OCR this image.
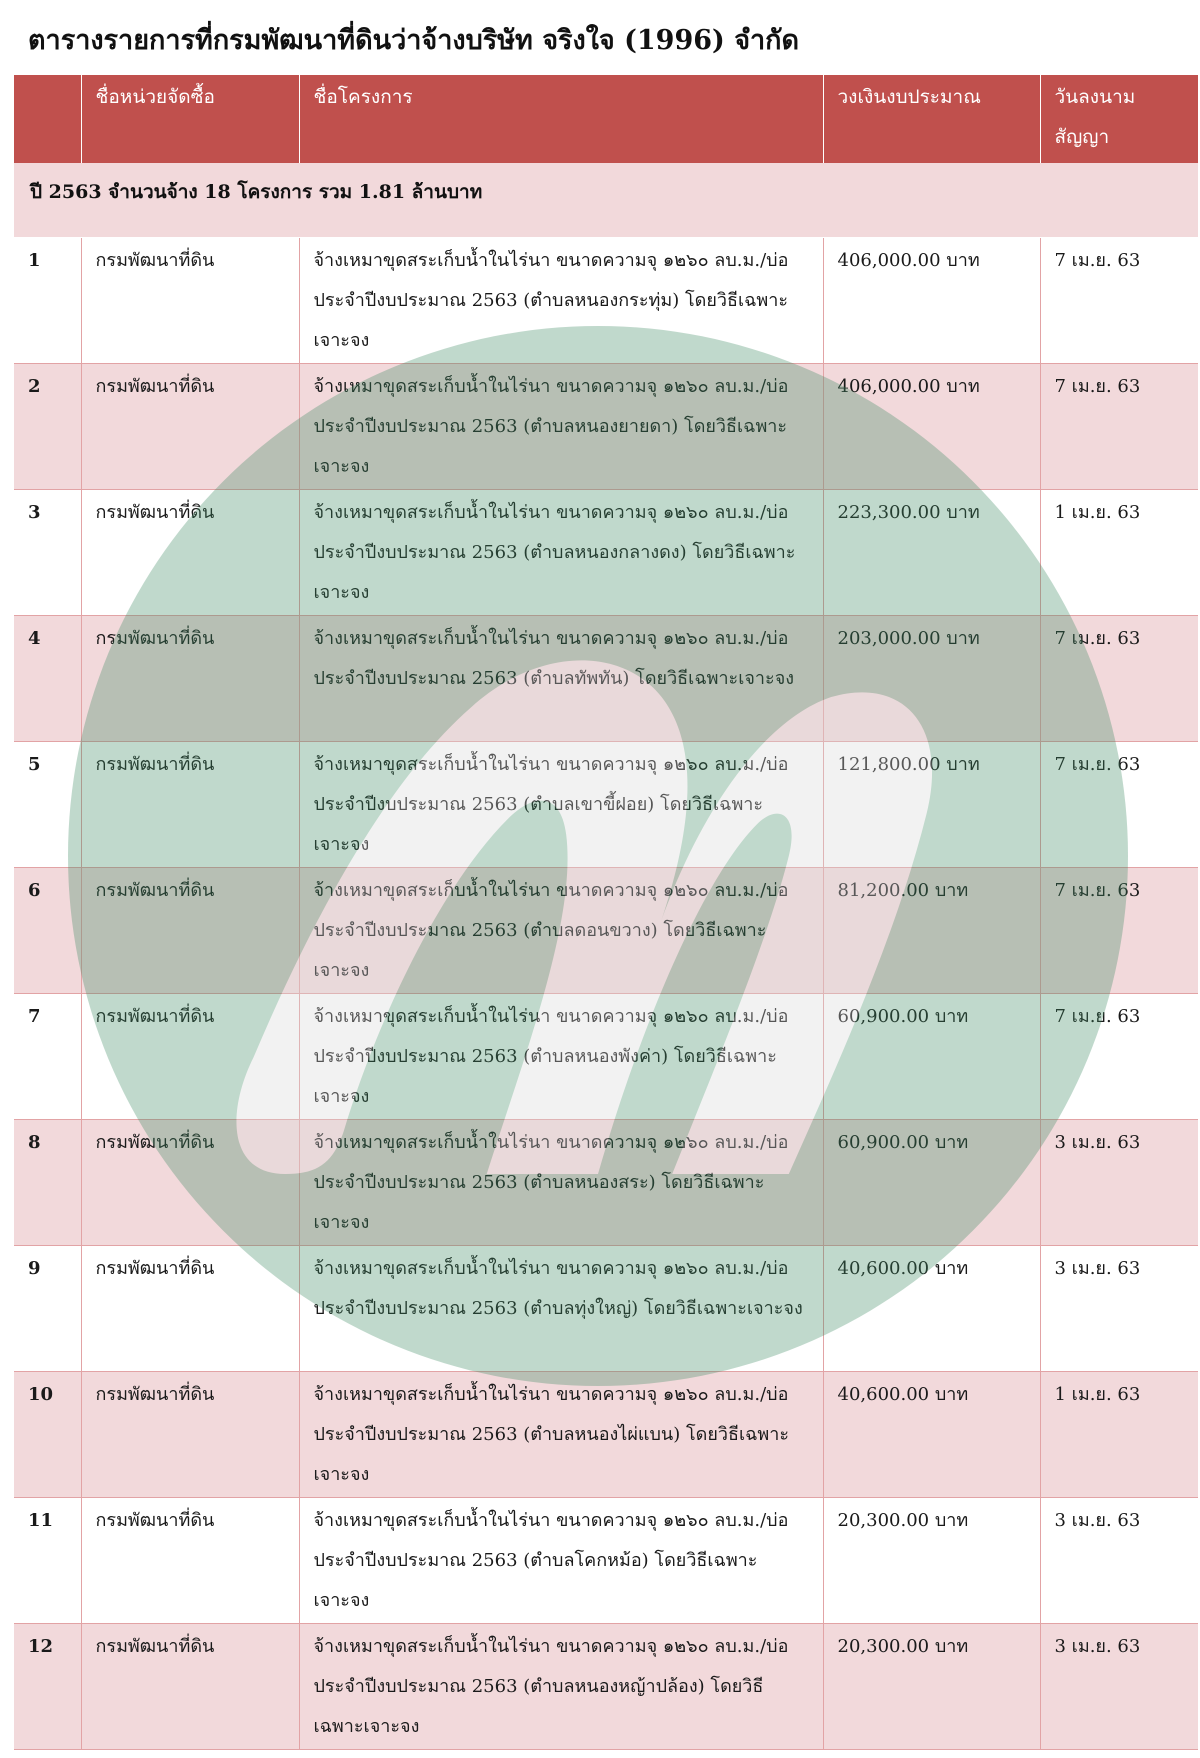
ตารางรายการที่กรมพัฒนาที่ดินว่าจ้างบริษัท จริงใจ (1996) จำกัด
	ชื่อหน่วยจัดซื้อ	ชื่อโครงการ	วงเงินงบประมาณ	วันลงนาม
สัญญา
ปี 2563 จำนวนจ้าง 18 โครงการ รวม 1.81 ล้านบาท				
1	กรมพัฒนาที่ดิน	จ้างเหมาขุดสระเก็บน้ำในไร่นา ขนาดความจุ ๑๒๖๐ ลบ.ม./บ่อ ประจำปีงบประมาณ 2563 (ตำบลหนองกระทุ่ม) โดยวิธีเฉพาะเจาะจง	406,000.00 บาท	7 เม.ย. 63
2	กรมพัฒนาที่ดิน	จ้างเหมาขุดสระเก็บน้ำในไร่นา ขนาดความจุ ๑๒๖๐ ลบ.ม./บ่อ ประจำปีงบประมาณ 2563 (ตำบลหนองยายดา) โดยวิธีเฉพาะเจาะจง	406,000.00 บาท	7 เม.ย. 63
3	กรมพัฒนาที่ดิน	จ้างเหมาขุดสระเก็บน้ำในไร่นา ขนาดความจุ ๑๒๖๐ ลบ.ม./บ่อ ประจำปีงบประมาณ 2563 (ตำบลหนองกลางดง) โดยวิธีเฉพาะเจาะจง	223,300.00 บาท	1 เม.ย. 63
4	กรมพัฒนาที่ดิน	จ้างเหมาขุดสระเก็บน้ำในไร่นา ขนาดความจุ ๑๒๖๐ ลบ.ม./บ่อ ประจำปีงบประมาณ 2563 (ตำบลทัพทัน) โดยวิธีเฉพาะเจาะจง	203,000.00 บาท	7 เม.ย. 63
5	กรมพัฒนาที่ดิน	จ้างเหมาขุดสระเก็บน้ำในไร่นา ขนาดความจุ ๑๒๖๐ ลบ.ม./บ่อ ประจำปีงบประมาณ 2563 (ตำบลเขาขี้ฝอย) โดยวิธีเฉพาะเจาะจง	121,800.00 บาท	7 เม.ย. 63
6	กรมพัฒนาที่ดิน	จ้างเหมาขุดสระเก็บน้ำในไร่นา ขนาดความจุ ๑๒๖๐ ลบ.ม./บ่อ ประจำปีงบประมาณ 2563 (ตำบลดอนขวาง) โดยวิธีเฉพาะเจาะจง	81,200.00 บาท	7 เม.ย. 63
7	กรมพัฒนาที่ดิน	จ้างเหมาขุดสระเก็บน้ำในไร่นา ขนาดความจุ ๑๒๖๐ ลบ.ม./บ่อ ประจำปีงบประมาณ 2563 (ตำบลหนองพังค่า) โดยวิธีเฉพาะเจาะจง	60,900.00 บาท	7 เม.ย. 63
8	กรมพัฒนาที่ดิน	จ้างเหมาขุดสระเก็บน้ำในไร่นา ขนาดความจุ ๑๒๖๐ ลบ.ม./บ่อ ประจำปีงบประมาณ 2563 (ตำบลหนองสระ) โดยวิธีเฉพาะเจาะจง	60,900.00 บาท	3 เม.ย. 63
9	กรมพัฒนาที่ดิน	จ้างเหมาขุดสระเก็บน้ำในไร่นา ขนาดความจุ ๑๒๖๐ ลบ.ม./บ่อ ประจำปีงบประมาณ 2563 (ตำบลทุ่งใหญ่) โดยวิธีเฉพาะเจาะจง	40,600.00 บาท	3 เม.ย. 63
10	กรมพัฒนาที่ดิน	จ้างเหมาขุดสระเก็บน้ำในไร่นา ขนาดความจุ ๑๒๖๐ ลบ.ม./บ่อ ประจำปีงบประมาณ 2563 (ตำบลหนองไผ่แบน) โดยวิธีเฉพาะเจาะจง	40,600.00 บาท	1 เม.ย. 63
11	กรมพัฒนาที่ดิน	จ้างเหมาขุดสระเก็บน้ำในไร่นา ขนาดความจุ ๑๒๖๐ ลบ.ม./บ่อ ประจำปีงบประมาณ 2563 (ตำบลโคกหม้อ) โดยวิธีเฉพาะเจาะจง	20,300.00 บาท	3 เม.ย. 63
12	กรมพัฒนาที่ดิน	จ้างเหมาขุดสระเก็บน้ำในไร่นา ขนาดความจุ ๑๒๖๐ ลบ.ม./บ่อ ประจำปีงบประมาณ 2563 (ตำบลหนองหญ้าปล้อง) โดยวิธีเฉพาะเจาะจง	20,300.00 บาท	3 เม.ย. 63
